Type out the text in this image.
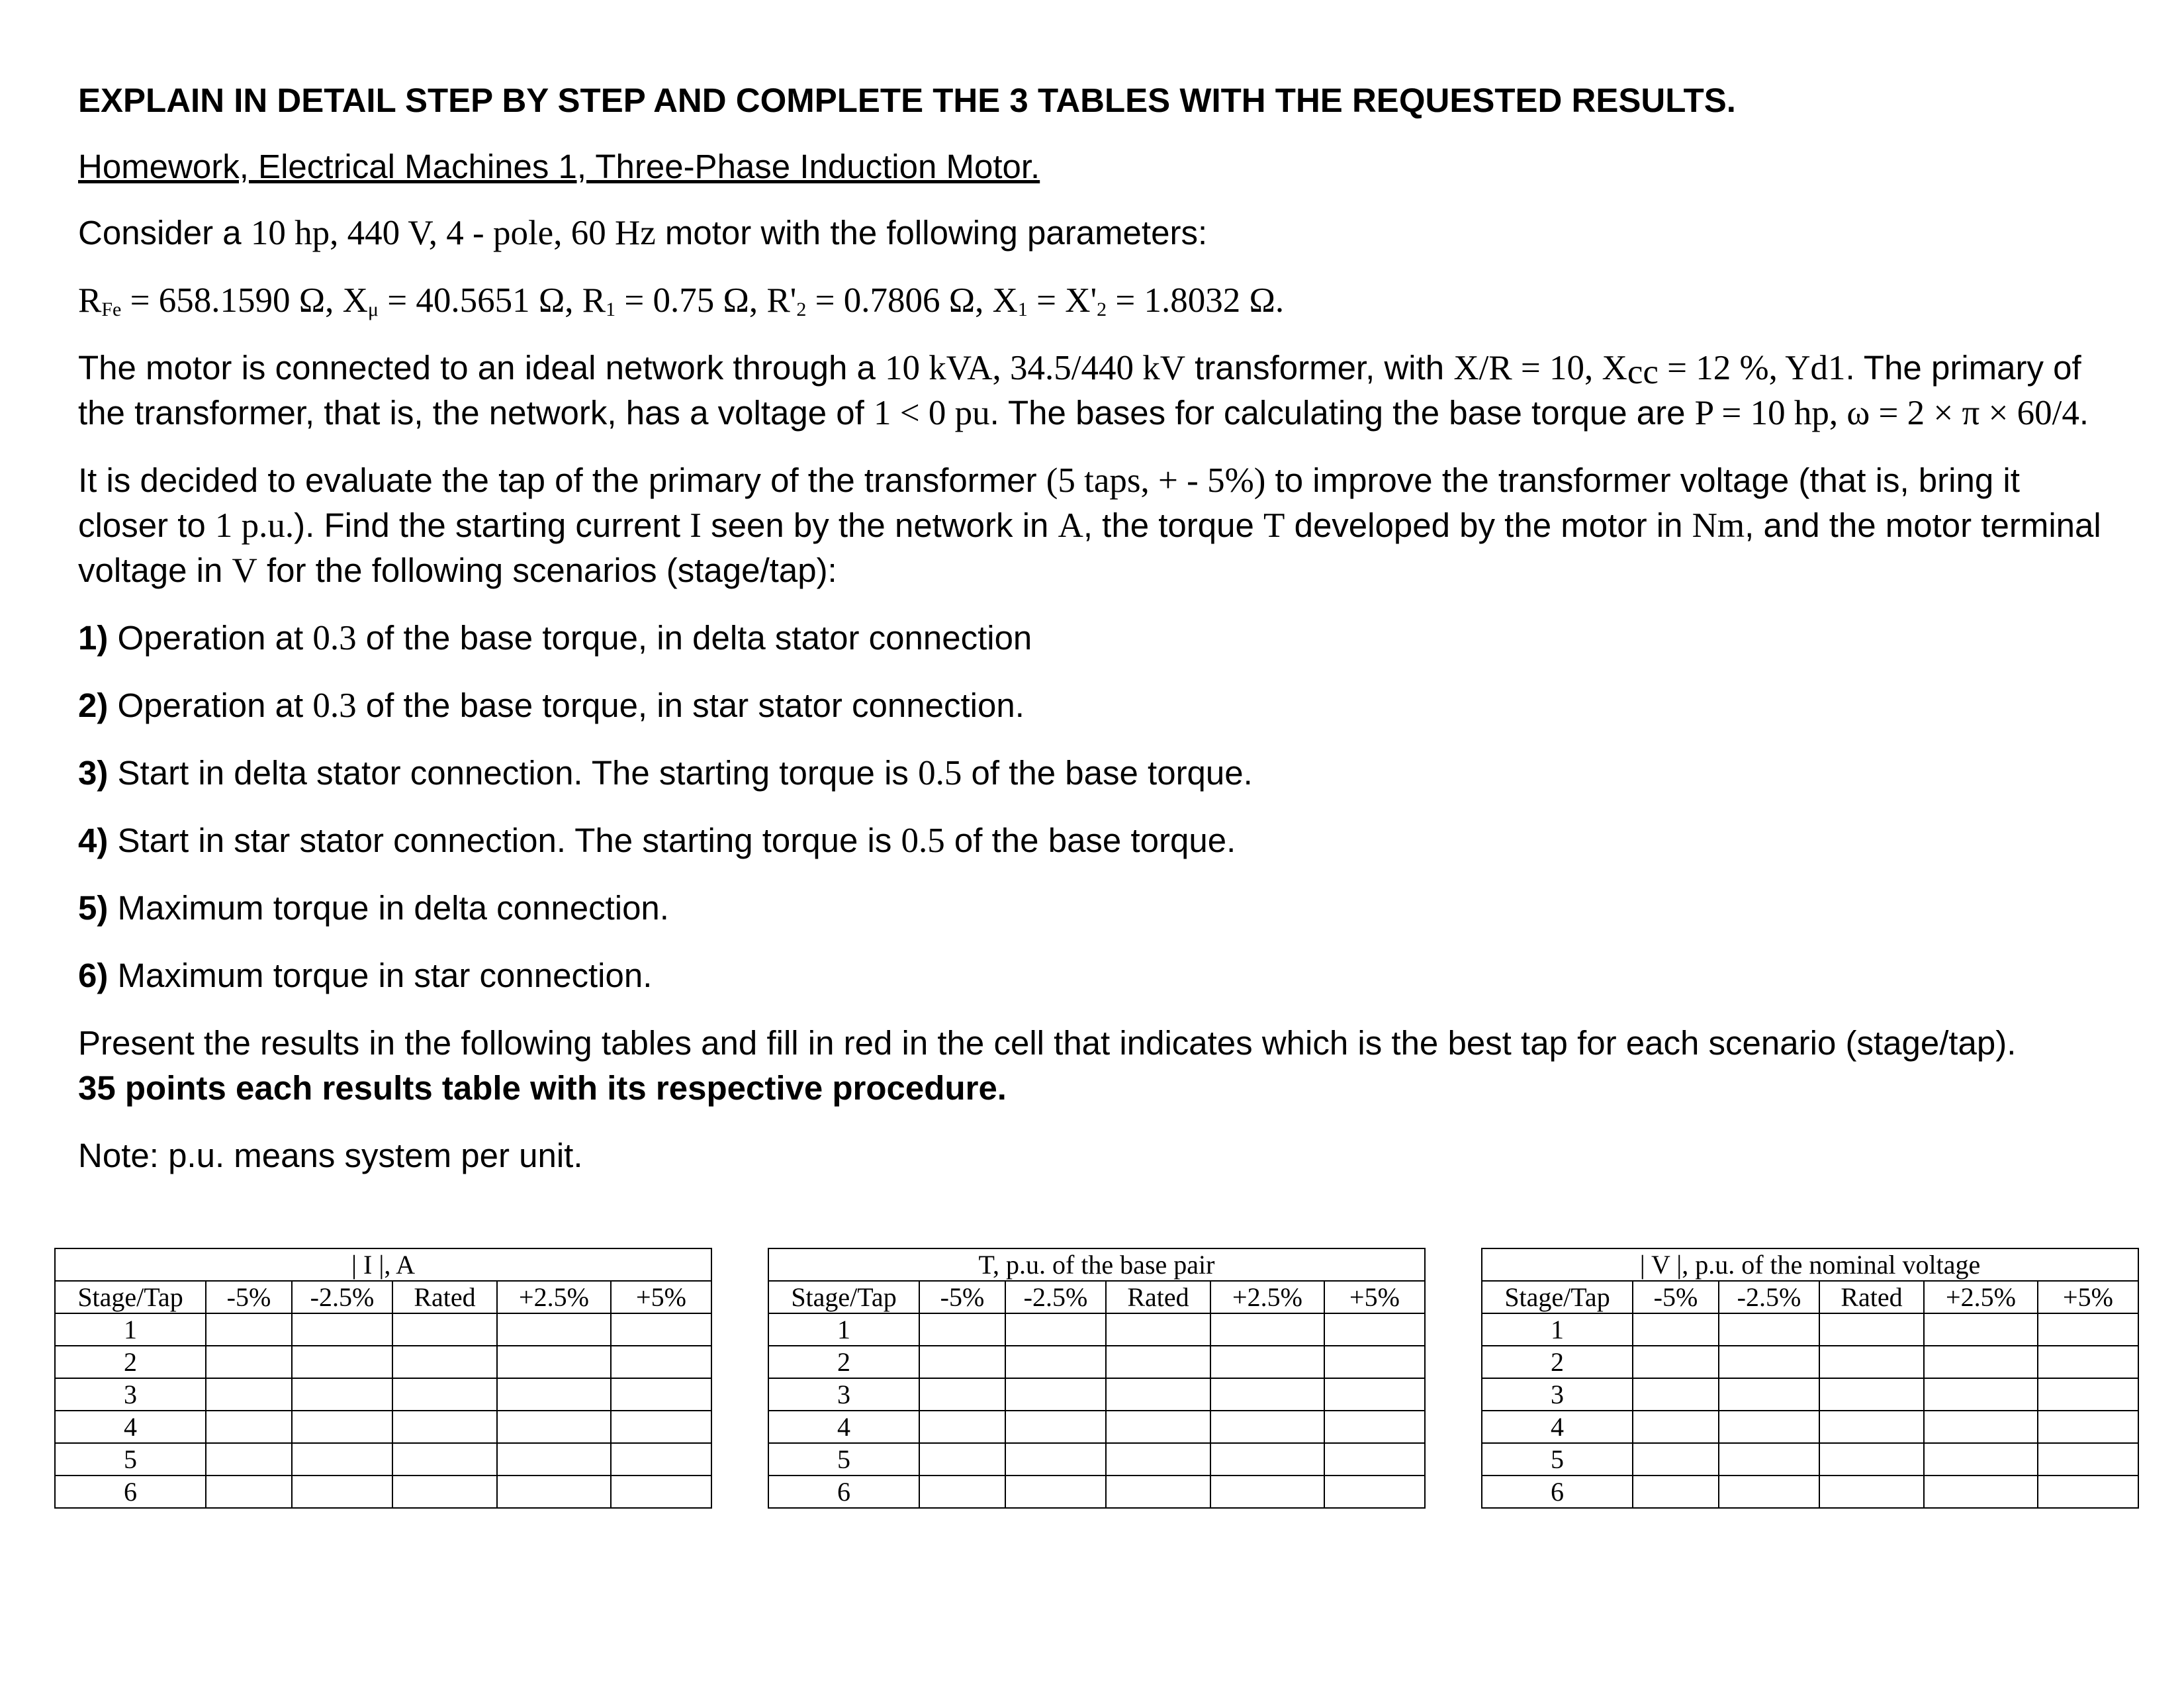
EXPLAIN IN DETAIL STEP BY STEP AND COMPLETE THE 3 TABLES WITH THE REQUESTED RESULTS.

Homework, Electrical Machines 1, Three-Phase Induction Motor.

Consider a 10 hp, 440 V, 4 - pole, 60 Hz motor with the following parameters:

$R_{Fe} = 658.1590$ Ω, $X_\mu = 40.5651$ Ω, $R_1 = 0.75$ Ω, $R'_2 = 0.7806$ Ω, $X_1 = X'_2 = 1.8032$ Ω.

The motor is connected to an ideal network through a 10 kVA, 34.5/440 kV transformer, with X/R = 10, $X_{cc} = 12$ %, Yd1. The primary of the transformer, that is, the network, has a voltage of 1 < 0 pu. The bases for calculating the base torque are P = 10 hp, ω = 2 × π × 60/4.

It is decided to evaluate the tap of the primary of the transformer (5 taps, + - 5%) to improve the transformer voltage (that is, bring it closer to 1 p.u.). Find the starting current I seen by the network in A, the torque T developed by the motor in Nm, and the motor terminal voltage in V for the following scenarios (stage/tap):

1) Operation at 0.3 of the base torque, in delta stator connection

2) Operation at 0.3 of the base torque, in star stator connection.

3) Start in delta stator connection. The starting torque is 0.5 of the base torque.

4) Start in star stator connection. The starting torque is 0.5 of the base torque.

5) Maximum torque in delta connection.

6) Maximum torque in star connection.

Present the results in the following tables and fill in red in the cell that indicates which is the best tap for each scenario (stage/tap).
35 points each results table with its respective procedure.

Note: p.u. means system per unit.

| I |, A					
Stage/Tap	-5%	-2.5%	Rated	+2.5%	+5%
1					
2					
3					
4					
5					
6					
T, p.u. of the base pair					
Stage/Tap	-5%	-2.5%	Rated	+2.5%	+5%
1					
2					
3					
4					
5					
6					
| V |, p.u. of the nominal voltage					
Stage/Tap	-5%	-2.5%	Rated	+2.5%	+5%
1					
2					
3					
4					
5					
6					
